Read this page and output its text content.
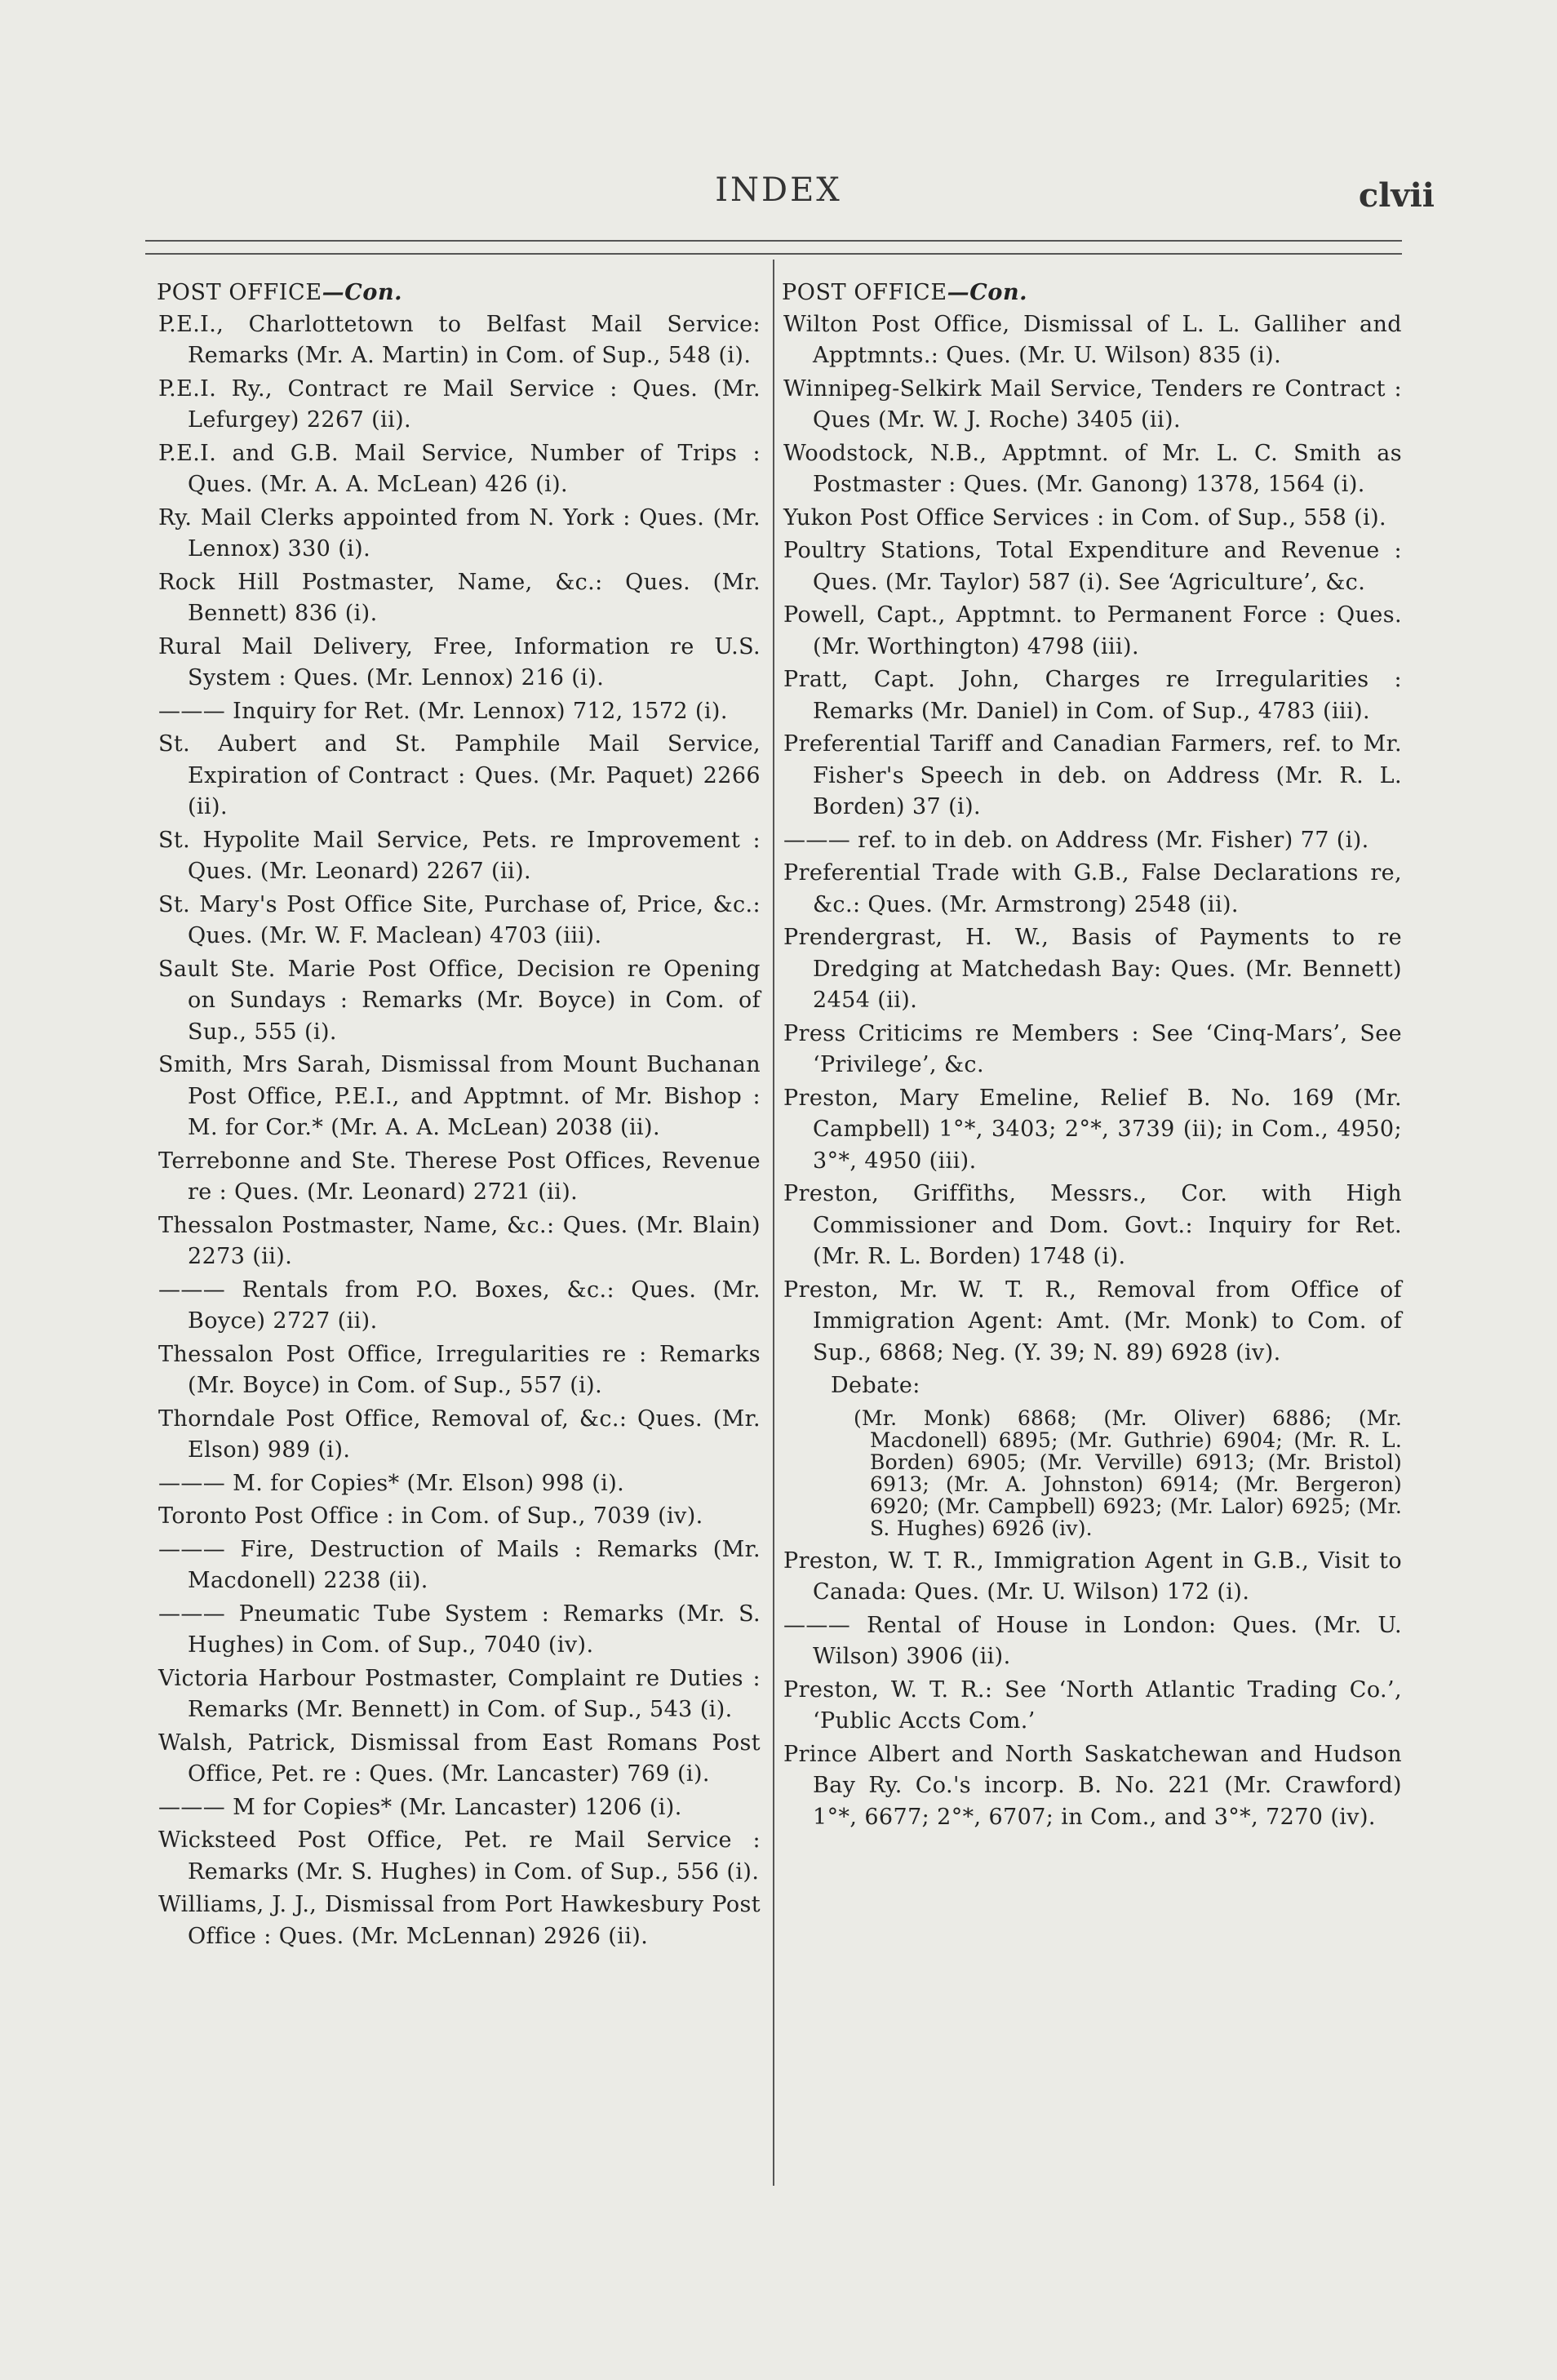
INDEX	clvii
POST OFFICE—Con.

P.E.I., Charlottetown to Belfast Mail Service: Remarks (Mr. A. Martin) in Com. of Sup., 548 (i).

P.E.I. Ry., Contract re Mail Service : Ques. (Mr. Lefurgey) 2267 (ii).

P.E.I. and G.B. Mail Service, Number of Trips : Ques. (Mr. A. A. McLean) 426 (i).

Ry. Mail Clerks appointed from N. York : Ques. (Mr. Lennox) 330 (i).

Rock Hill Postmaster, Name, &c.: Ques. (Mr. Bennett) 836 (i).

Rural Mail Delivery, Free, Information re U.S. System : Ques. (Mr. Lennox) 216 (i).

——— Inquiry for Ret. (Mr. Lennox) 712, 1572 (i).

St. Aubert and St. Pamphile Mail Service, Expiration of Contract : Ques. (Mr. Paquet) 2266 (ii).

St. Hypolite Mail Service, Pets. re Improvement : Ques. (Mr. Leonard) 2267 (ii).

St. Mary's Post Office Site, Purchase of, Price, &c.: Ques. (Mr. W. F. Maclean) 4703 (iii).

Sault Ste. Marie Post Office, Decision re Opening on Sundays : Remarks (Mr. Boyce) in Com. of Sup., 555 (i).

Smith, Mrs Sarah, Dismissal from Mount Buchanan Post Office, P.E.I., and Apptmnt. of Mr. Bishop : M. for Cor.* (Mr. A. A. McLean) 2038 (ii).

Terrebonne and Ste. Therese Post Offices, Revenue re : Ques. (Mr. Leonard) 2721 (ii).

Thessalon Postmaster, Name, &c.: Ques. (Mr. Blain) 2273 (ii).

——— Rentals from P.O. Boxes, &c.: Ques. (Mr. Boyce) 2727 (ii).

Thessalon Post Office, Irregularities re : Remarks (Mr. Boyce) in Com. of Sup., 557 (i).

Thorndale Post Office, Removal of, &c.: Ques. (Mr. Elson) 989 (i).

——— M. for Copies* (Mr. Elson) 998 (i).

Toronto Post Office : in Com. of Sup., 7039 (iv).

——— Fire, Destruction of Mails : Remarks (Mr. Macdonell) 2238 (ii).

——— Pneumatic Tube System : Remarks (Mr. S. Hughes) in Com. of Sup., 7040 (iv).

Victoria Harbour Postmaster, Complaint re Duties : Remarks (Mr. Bennett) in Com. of Sup., 543 (i).

Walsh, Patrick, Dismissal from East Romans Post Office, Pet. re : Ques. (Mr. Lancaster) 769 (i).

——— M for Copies* (Mr. Lancaster) 1206 (i).

Wicksteed Post Office, Pet. re Mail Service : Remarks (Mr. S. Hughes) in Com. of Sup., 556 (i).

Williams, J. J., Dismissal from Port Hawkesbury Post Office : Ques. (Mr. McLennan) 2926 (ii).

POST OFFICE—Con.

Wilton Post Office, Dismissal of L. L. Galliher and Apptmnts.: Ques. (Mr. U. Wilson) 835 (i).

Winnipeg-Selkirk Mail Service, Tenders re Contract : Ques (Mr. W. J. Roche) 3405 (ii).

Woodstock, N.B., Apptmnt. of Mr. L. C. Smith as Postmaster : Ques. (Mr. Ganong) 1378, 1564 (i).

Yukon Post Office Services : in Com. of Sup., 558 (i).

Poultry Stations, Total Expenditure and Revenue : Ques. (Mr. Taylor) 587 (i). See ‘Agriculture’, &c.

Powell, Capt., Apptmnt. to Permanent Force : Ques. (Mr. Worthington) 4798 (iii).

Pratt, Capt. John, Charges re Irregularities : Remarks (Mr. Daniel) in Com. of Sup., 4783 (iii).

Preferential Tariff and Canadian Farmers, ref. to Mr. Fisher's Speech in deb. on Address (Mr. R. L. Borden) 37 (i).

——— ref. to in deb. on Address (Mr. Fisher) 77 (i).

Preferential Trade with G.B., False Declarations re, &c.: Ques. (Mr. Armstrong) 2548 (ii).

Prendergrast, H. W., Basis of Payments to re Dredging at Matchedash Bay: Ques. (Mr. Bennett) 2454 (ii).

Press Criticims re Members : See ‘Cinq-Mars’, See ‘Privilege’, &c.

Preston, Mary Emeline, Relief B. No. 169 (Mr. Campbell) 1°*, 3403; 2°*, 3739 (ii); in Com., 4950; 3°*, 4950 (iii).

Preston, Griffiths, Messrs., Cor. with High Commissioner and Dom. Govt.: Inquiry for Ret. (Mr. R. L. Borden) 1748 (i).

Preston, Mr. W. T. R., Removal from Office of Immigration Agent: Amt. (Mr. Monk) to Com. of Sup., 6868; Neg. (Y. 39; N. 89) 6928 (iv).

Debate:

(Mr. Monk) 6868; (Mr. Oliver) 6886; (Mr. Macdonell) 6895; (Mr. Guthrie) 6904; (Mr. R. L. Borden) 6905; (Mr. Verville) 6913; (Mr. Bristol) 6913; (Mr. A. Johnston) 6914; (Mr. Bergeron) 6920; (Mr. Campbell) 6923; (Mr. Lalor) 6925; (Mr. S. Hughes) 6926 (iv).

Preston, W. T. R., Immigration Agent in G.B., Visit to Canada: Ques. (Mr. U. Wilson) 172 (i).

——— Rental of House in London: Ques. (Mr. U. Wilson) 3906 (ii).

Preston, W. T. R.: See ‘North Atlantic Trading Co.’, ‘Public Accts Com.’

Prince Albert and North Saskatchewan and Hudson Bay Ry. Co.'s incorp. B. No. 221 (Mr. Crawford) 1°*, 6677; 2°*, 6707; in Com., and 3°*, 7270 (iv).
